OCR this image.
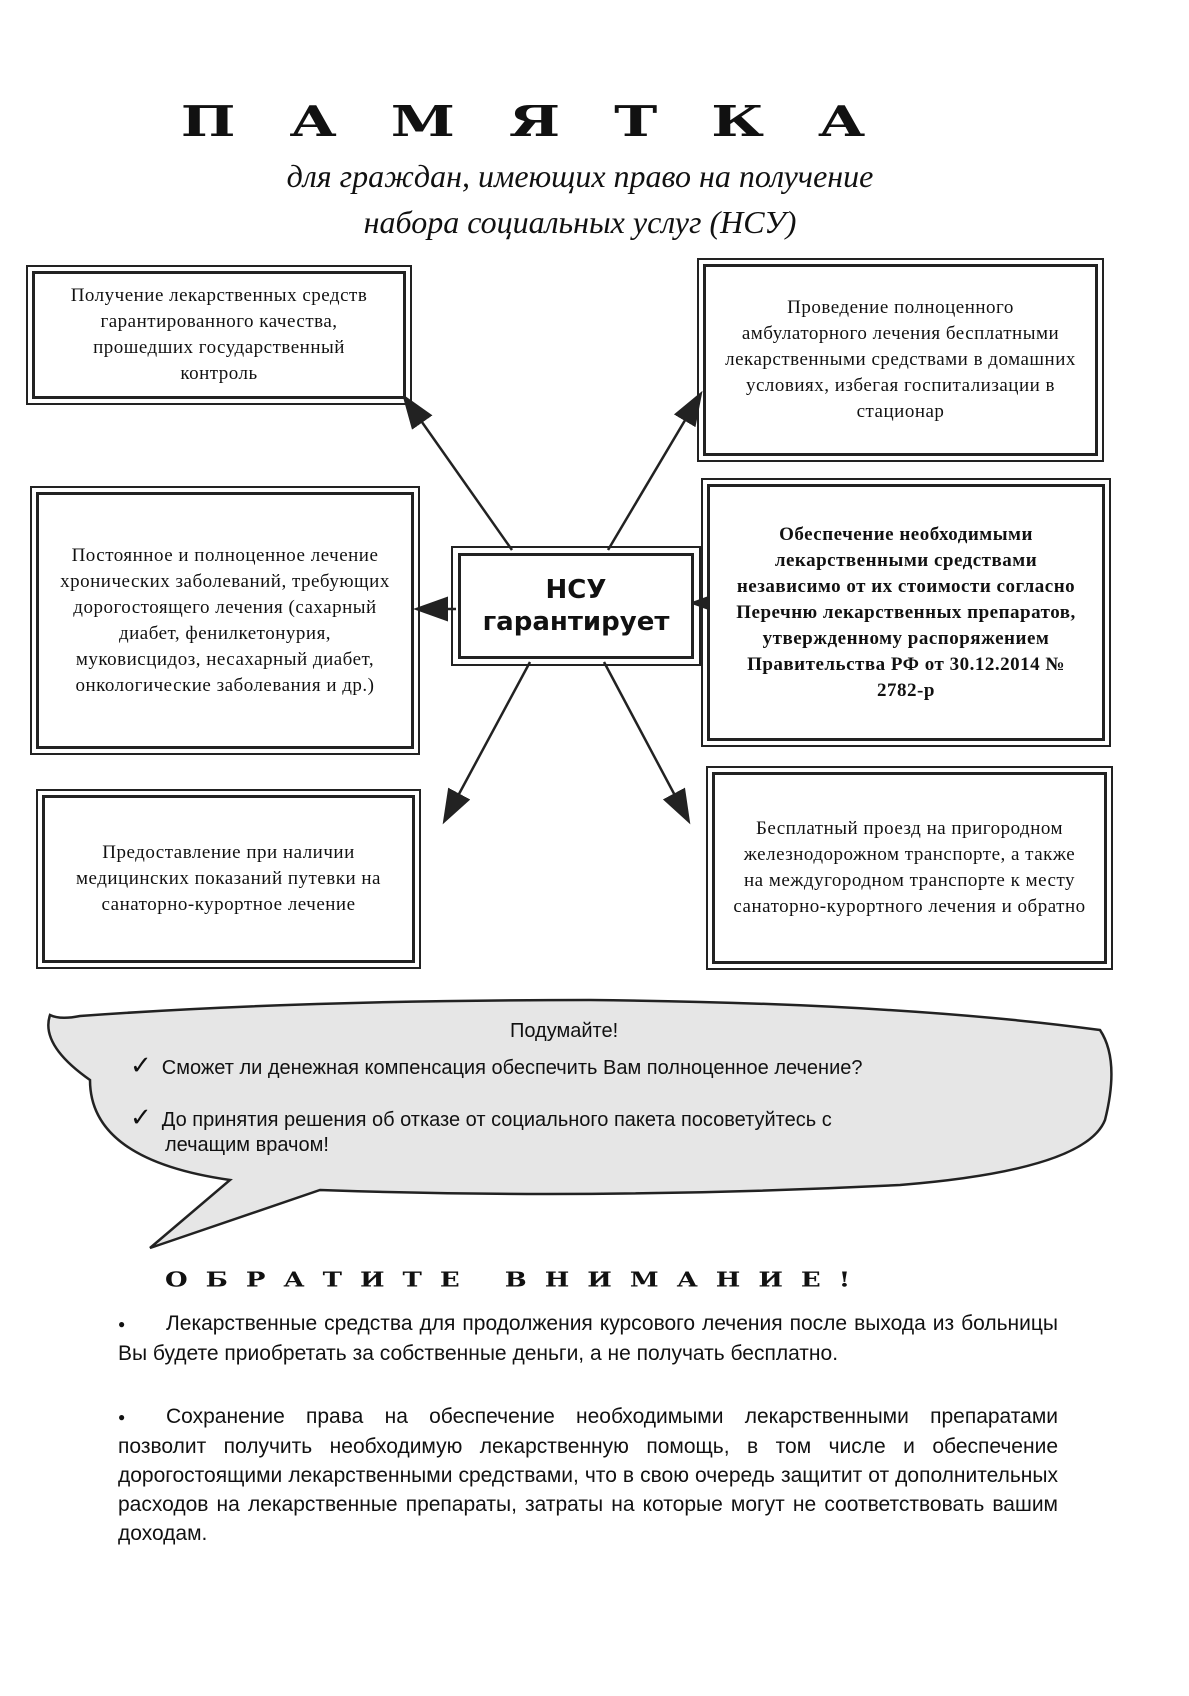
ПАМЯТКА
для граждан, имеющих право на получение
набора социальных услуг (НСУ)
Получение лекарственных средств гарантированного качества, прошедших государственный контроль
Проведение полноценного амбулаторного лечения бесплатными лекарственными средствами в домашних условиях, избегая госпитализации в стационар
Постоянное и полноценное лечение хронических заболеваний, требующих дорогостоящего лечения (сахарный диабет, фенилкетонурия, муковисцидоз, несахарный диабет, онкологические заболевания и др.)
Обеспечение необходимыми лекарственными средствами независимо от их стоимости согласно Перечню лекарственных препаратов, утвержденному распоряжением Правительства РФ от 30.12.2014 № 2782-р
Предоставление при наличии медицинских показаний путевки на санаторно-курортное лечение
Бесплатный проезд на пригородном железнодорожном транспорте, а также на междугородном транспорте к месту санаторно-курортного лечения и обратно
НСУ
гарантирует
Подумайте!
✓ Сможет ли денежная компенсация обеспечить Вам полноценное лечение?
✓ До принятия решения об отказе от социального пакета посоветуйтесь с
лечащим врачом!
ОБРАТИТЕ ВНИМАНИЕ!
● Лекарственные средства для продолжения курсового лечения после выхода из больницы Вы будете приобретать за собственные деньги, а не получать бесплатно.
● Сохранение права на обеспечение необходимыми лекарственными препаратами позволит получить необходимую лекарственную помощь, в том числе и обеспечение дорогостоящими лекарственными средствами, что в свою очередь защитит от дополнительных расходов на лекарственные препараты, затраты на которые могут не соответствовать вашим доходам.
